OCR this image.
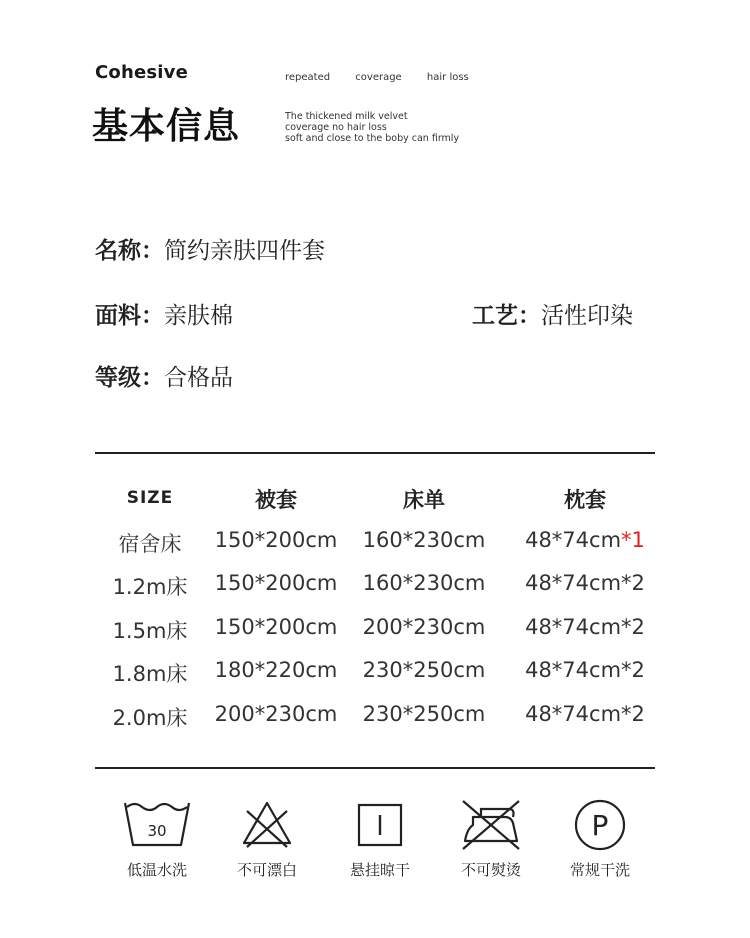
Cohesive
基本信息
repeated	coverage	hair loss
The thickened milk velvet
coverage no hair loss
soft and close to the boby can firmly
名称：简约亲肤四件套
面料：亲肤棉	工艺：活性印染
等级：合格品
SIZE	被套	床单	枕套
宿舍床 150*200cm 160*230cm 48*74cm*1
1.2m床 150*200cm 160*230cm 48*74cm*2
1.5m床 150*200cm 200*230cm 48*74cm*2
1.8m床 180*220cm 230*250cm 48*74cm*2
2.0m床 200*230cm 230*250cm 48*74cm*2
30
低温水洗	不可漂白	悬挂晾干	不可熨烫
P
常规干洗
